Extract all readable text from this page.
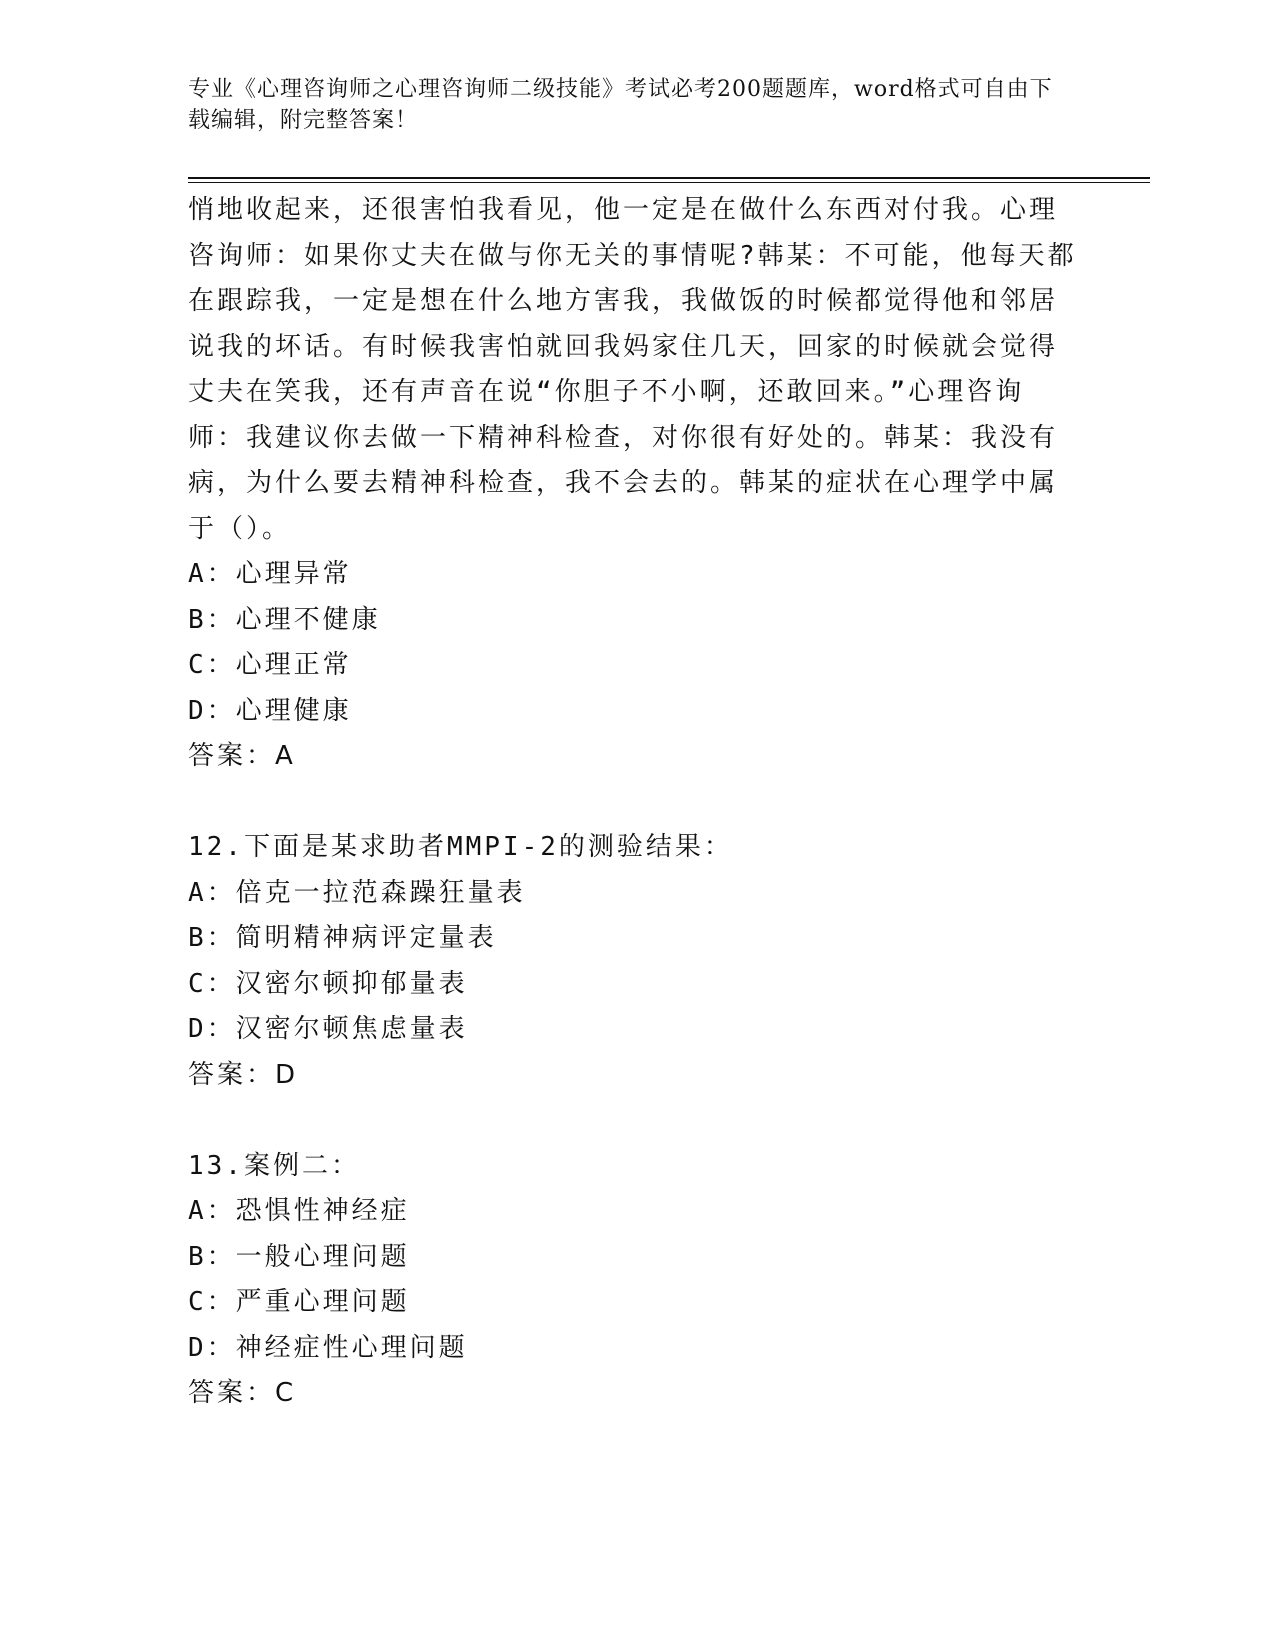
专业《心理咨询师之心理咨询师二级技能》考试必考200题题库，word格式可自由下载编辑，附完整答案！

悄地收起来，还很害怕我看见，他一定是在做什么东西对付我。心理

咨询师：如果你丈夫在做与你无关的事情呢?韩某：不可能，他每天都

在跟踪我，一定是想在什么地方害我，我做饭的时候都觉得他和邻居

说我的坏话。有时候我害怕就回我妈家住几天，回家的时候就会觉得

丈夫在笑我，还有声音在说“你胆子不小啊，还敢回来。”心理咨询

师：我建议你去做一下精神科检查，对你很有好处的。韩某：我没有

病，为什么要去精神科检查，我不会去的。韩某的症状在心理学中属

于（）。

A：心理异常

B：心理不健康

C：心理正常

D：心理健康

答案：A

12.下面是某求助者MMPI-2的测验结果：

A：倍克一拉范森躁狂量表

B：简明精神病评定量表

C：汉密尔顿抑郁量表

D：汉密尔顿焦虑量表

答案：D

13.案例二：

A：恐惧性神经症

B：一般心理问题

C：严重心理问题

D：神经症性心理问题

答案：C
